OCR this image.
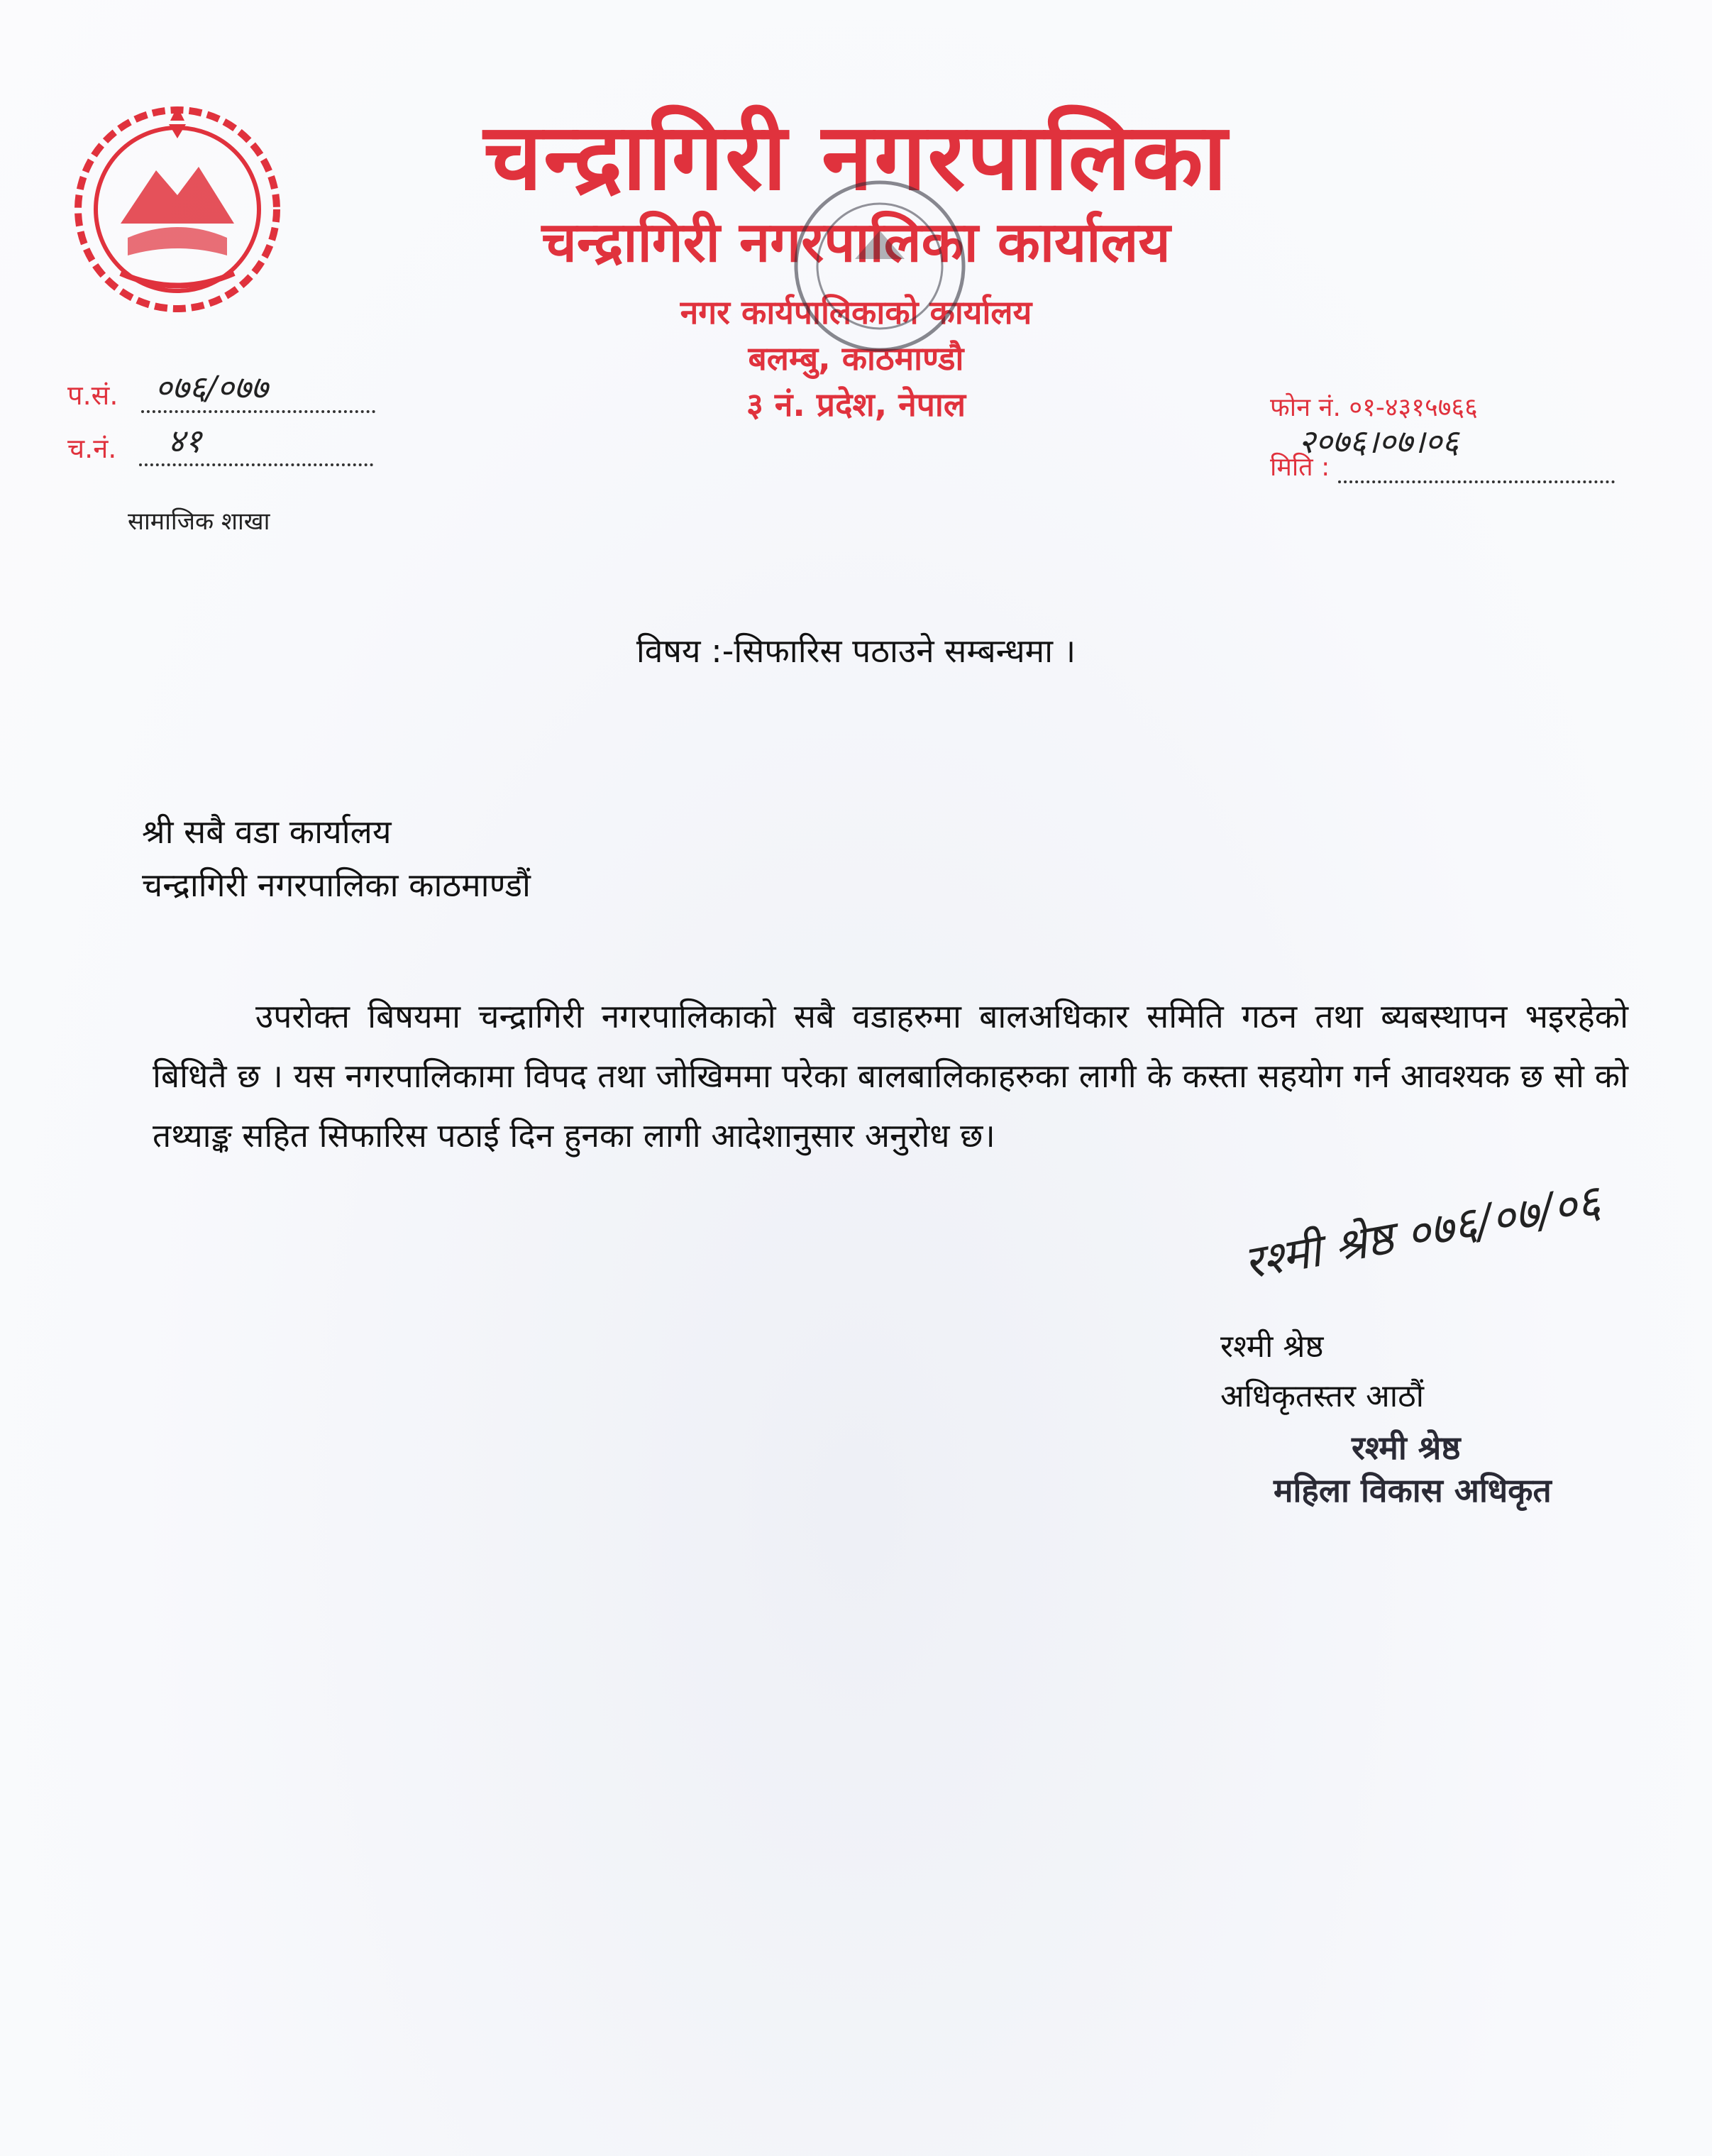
चन्द्रागिरी नगरपालिका
चन्द्रागिरी नगरपालिका कार्यालय
नगर कार्यपालिकाको कार्यालय
बलम्बु, काठमाण्डौ
३ नं. प्रदेश, नेपाल
प.सं. ०७६/०७७
च.नं. ४१
फोन नं. ०१-४३१५७६६
२०७६।०७।०६
मिति :
सामाजिक शाखा
विषय :-सिफारिस पठाउने सम्बन्धमा ।
श्री सबै वडा कार्यालय
चन्द्रागिरी नगरपालिका काठमाण्डौं
उपरोक्त बिषयमा चन्द्रागिरी नगरपालिकाको सबै वडाहरुमा बालअधिकार समिति गठन तथा ब्यबस्थापन भइरहेको बिधितै छ । यस नगरपालिकामा विपद तथा जोखिममा परेका बालबालिकाहरुका लागी के कस्ता सहयोग गर्न आवश्यक छ सो को तथ्याङ्क सहित सिफारिस पठाई दिन हुनका लागी आदेशानुसार अनुरोध छ।
रश्मी श्रेष्ठ ०७६/०७/०६
रश्मी श्रेष्ठ
अधिकृतस्तर आठौं
रश्मी श्रेष्ठ
महिला विकास अधिकृत
